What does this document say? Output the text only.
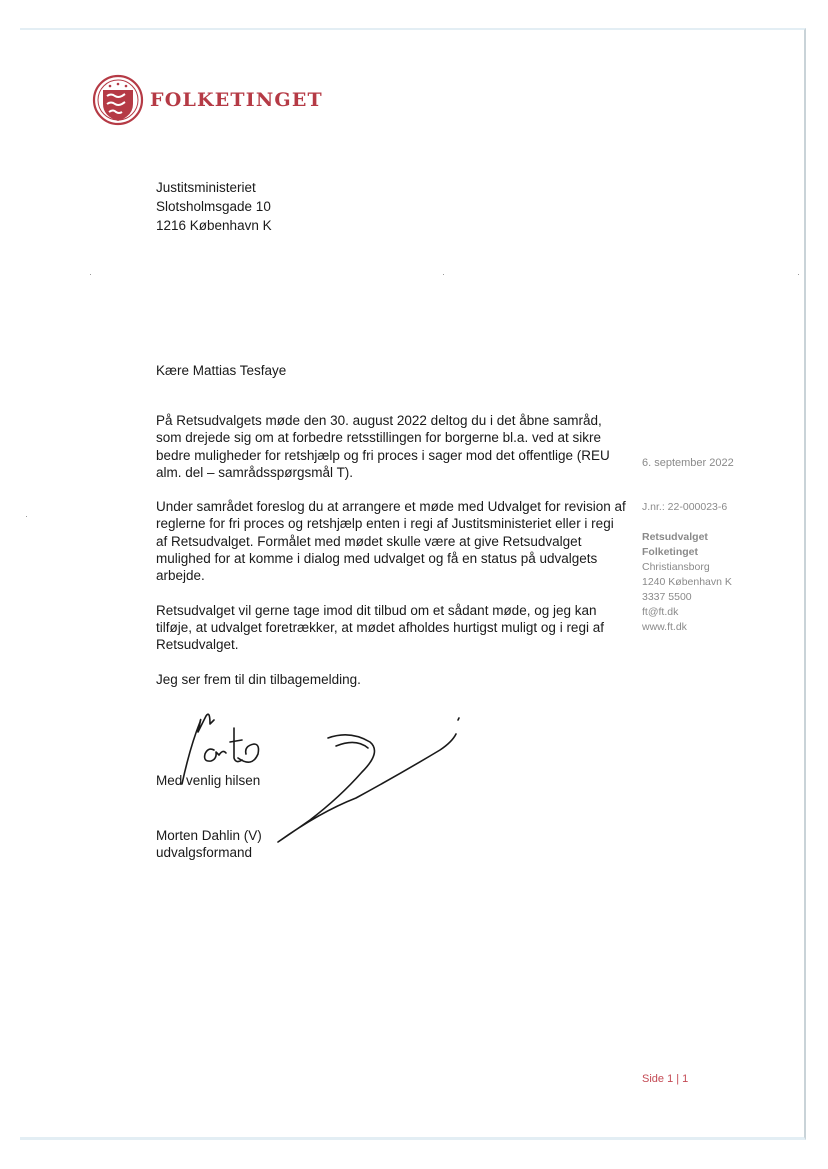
FOLKETINGET
Justitsministeriet
Slotsholmsgade 10
1216 København K
Kære Mattias Tesfaye

På Retsudvalgets møde den 30. august 2022 deltog du i det åbne samråd, som drejede sig om at forbedre retsstillingen for borgerne bl.a. ved at sikre bedre muligheder for retshjælp og fri proces i sager mod det offentlige (REU alm. del – samrådsspørgsmål T).

Under samrådet foreslog du at arrangere et møde med Udvalget for revision af reglerne for fri proces og retshjælp enten i regi af Justitsministeriet eller i regi af Retsudvalget. Formålet med mødet skulle være at give Retsudvalget mulighed for at komme i dialog med udvalget og få en status på udvalgets arbejde.

Retsudvalget vil gerne tage imod dit tilbud om et sådant møde, og jeg kan tilføje, at udvalget foretrækker, at mødet afholdes hurtigst muligt og i regi af Retsudvalget.

Jeg ser frem til din tilbagemelding.

Med venlig hilsen
Morten Dahlin (V)
udvalgsformand
6. september 2022
J.nr.: 22-000023-6
Retsudvalget
Folketinget
Christiansborg
1240 København K
3337 5500
ft@ft.dk
www.ft.dk
Side 1 | 1
